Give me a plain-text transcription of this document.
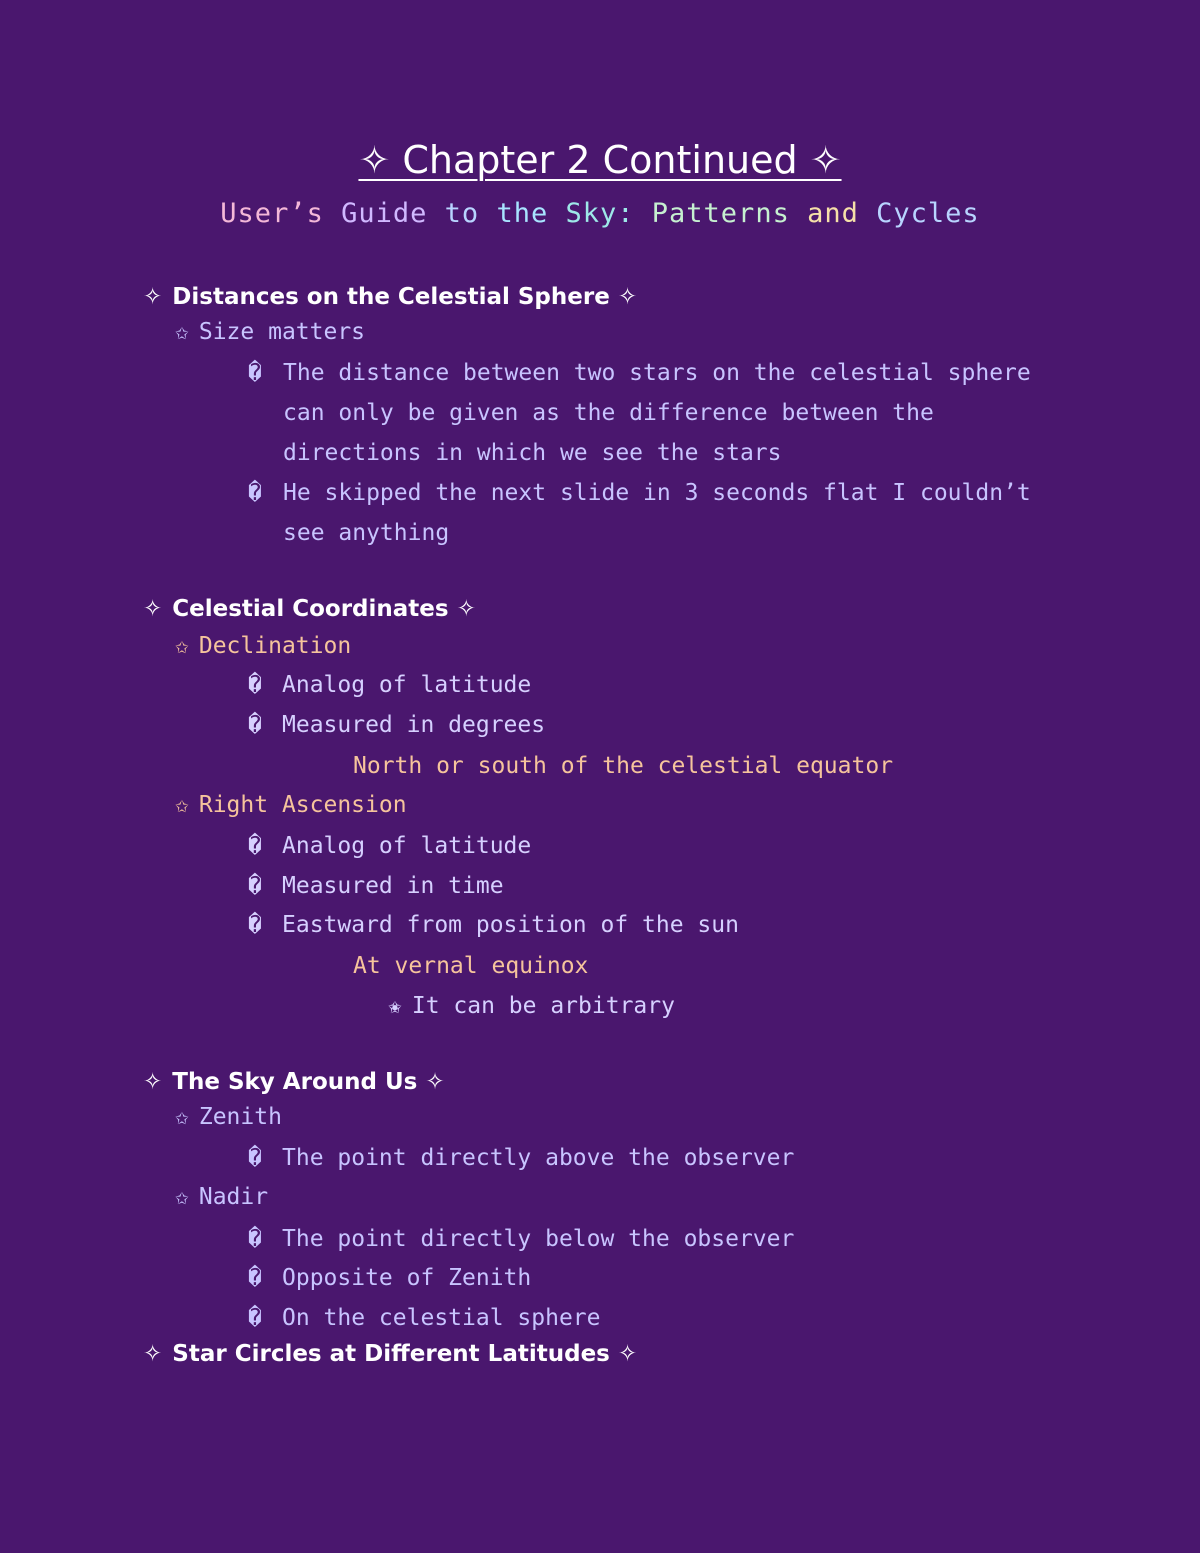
✧ Chapter 2 Continued ✧
User’s Guide to the Sky: Patterns and Cycles
✧ Distances on the Celestial Sphere ✧
✩ Size matters
� The distance between two stars on the celestial sphere can only be given as the difference between the directions in which we see the stars
� He skipped the next slide in 3 seconds flat I couldn’t see anything
✧ Celestial Coordinates ✧
✩ Declination
� Analog of latitude
� Measured in degrees
North or south of the celestial equator
✩ Right Ascension
� Analog of latitude
� Measured in time
� Eastward from position of the sun
At vernal equinox
✬ It can be arbitrary
✧ The Sky Around Us ✧
✩ Zenith
� The point directly above the observer
✩ Nadir
� The point directly below the observer
� Opposite of Zenith
� On the celestial sphere
✧ Star Circles at Different Latitudes ✧
